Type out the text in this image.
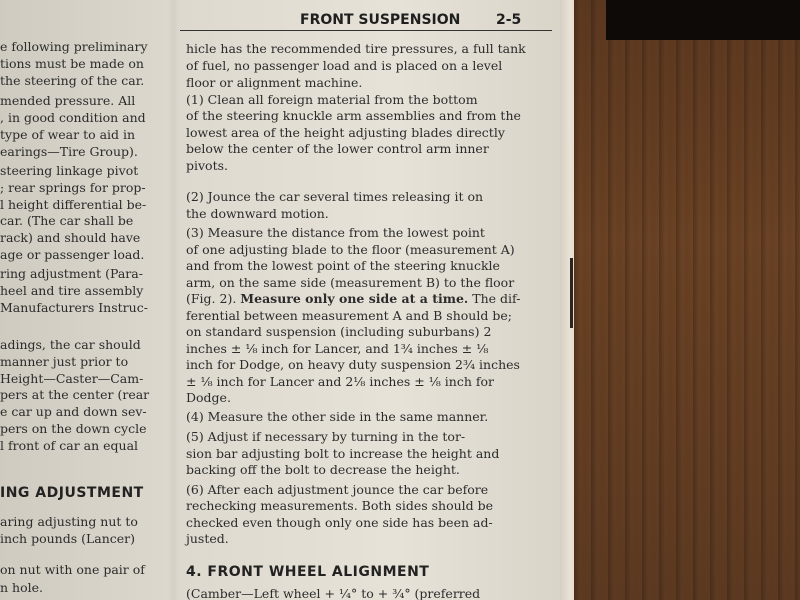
FRONT SUSPENSION	2-5
e following preliminary
tions must be made on
the steering of the car.
mended pressure. All
, in good condition and
type of wear to aid in
earings—Tire Group).
steering linkage pivot
; rear springs for prop-
l height differential be-
car. (The car shall be
rack) and should have
age or passenger load.
ring adjustment (Para-
heel and tire assembly
Manufacturers Instruc-
adings, the car should
manner just prior to
Height—Caster—Cam-
pers at the center (rear
e car up and down sev-
pers on the down cycle
l front of car an equal
ING ADJUSTMENT
aring adjusting nut to
inch pounds (Lancer)
on nut with one pair of
n hole.
hicle has the recommended tire pressures, a full tank
of fuel, no passenger load and is placed on a level
floor or alignment machine.
(1) Clean all foreign material from the bottom
of the steering knuckle arm assemblies and from the
lowest area of the height adjusting blades directly
below the center of the lower control arm inner
pivots.
(2) Jounce the car several times releasing it on
the downward motion.
(3) Measure the distance from the lowest point
of one adjusting blade to the floor (measurement A)
and from the lowest point of the steering knuckle
arm, on the same side (measurement B) to the floor
(Fig. 2). Measure only one side at a time. The dif-
ferential between measurement A and B should be;
on standard suspension (including suburbans) 2
inches ± ⅛ inch for Lancer, and 1¾ inches ± ⅛
inch for Dodge, on heavy duty suspension 2¾ inches
± ⅛ inch for Lancer and 2⅛ inches ± ⅛ inch for
Dodge.
(4) Measure the other side in the same manner.
(5) Adjust if necessary by turning in the tor-
sion bar adjusting bolt to increase the height and
backing off the bolt to decrease the height.
(6) After each adjustment jounce the car before
rechecking measurements. Both sides should be
checked even though only one side has been ad-
justed.
4. FRONT WHEEL ALIGNMENT
(Camber—Left wheel + ¼° to + ¾° (preferred
